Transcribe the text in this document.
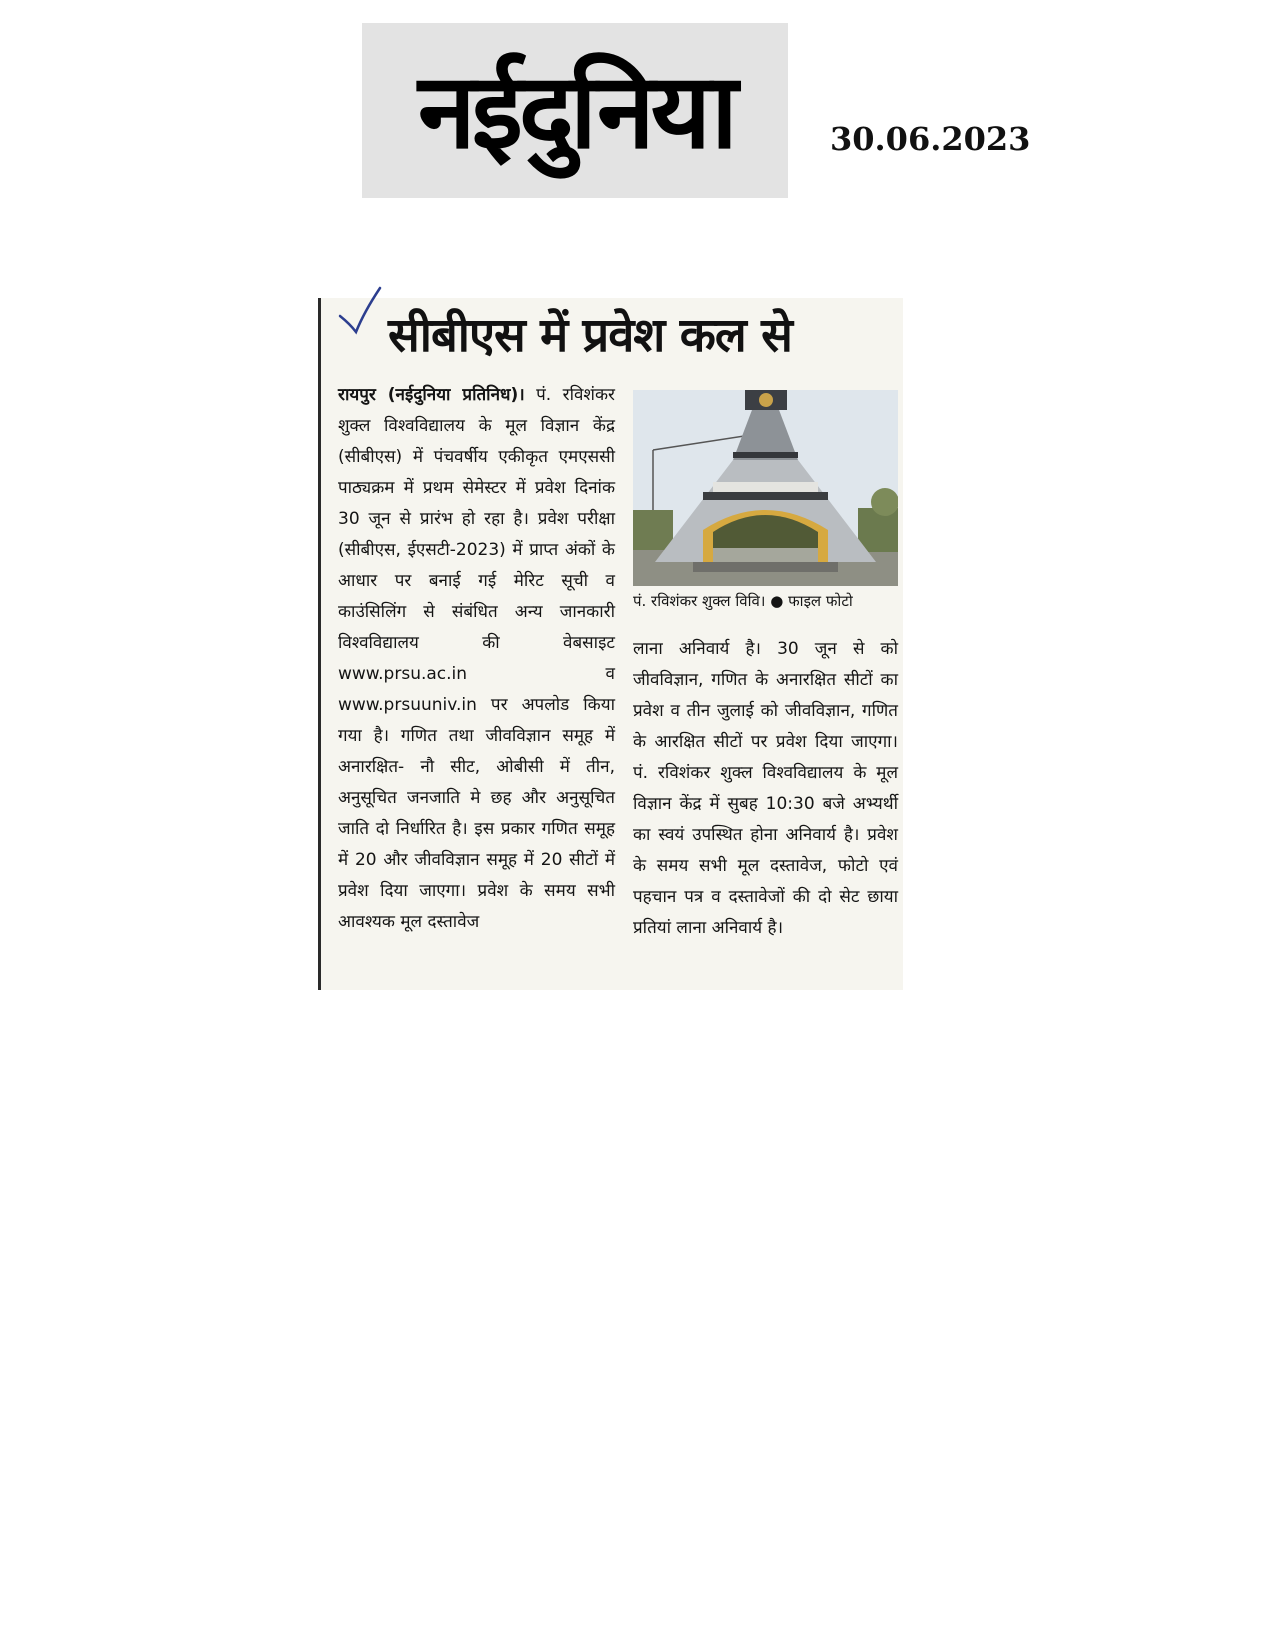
नईदुनिया	30.06.2023
सीबीएस में प्रवेश कल से

रायपुर (नईदुनिया प्रतिनिध)। पं. रविशंकर शुक्ल विश्वविद्यालय के मूल विज्ञान केंद्र (सीबीएस) में पंचवर्षीय एकीकृत एमएससी पाठ्यक्रम में प्रथम सेमेस्टर में प्रवेश दिनांक 30 जून से प्रारंभ हो रहा है। प्रवेश परीक्षा (सीबीएस, ईएसटी-2023) में प्राप्त अंकों के आधार पर बनाई गई मेरिट सूची व काउंसिलिंग से संबंधित अन्य जानकारी विश्वविद्यालय की वेबसाइट www.prsu.ac.in व www.prsuuniv.in पर अपलोड किया गया है। गणित तथा जीवविज्ञान समूह में अनारक्षित- नौ सीट, ओबीसी में तीन, अनुसूचित जनजाति मे छह और अनुसूचित जाति दो निर्धारित है। इस प्रकार गणित समूह में 20 और जीवविज्ञान समूह में 20 सीटों में प्रवेश दिया जाएगा। प्रवेश के समय सभी आवश्यक मूल दस्तावेज

पं. रविशंकर शुक्ल विवि। ● फाइल फोटो

लाना अनिवार्य है। 30 जून से को जीवविज्ञान, गणित के अनारक्षित सीटों का प्रवेश व तीन जुलाई को जीवविज्ञान, गणित के आरक्षित सीटों पर प्रवेश दिया जाएगा। पं. रविशंकर शुक्ल विश्वविद्यालय के मूल विज्ञान केंद्र में सुबह 10:30 बजे अभ्यर्थी का स्वयं उपस्थित होना अनिवार्य है। प्रवेश के समय सभी मूल दस्तावेज, फोटो एवं पहचान पत्र व दस्तावेजों की दो सेट छाया प्रतियां लाना अनिवार्य है।
